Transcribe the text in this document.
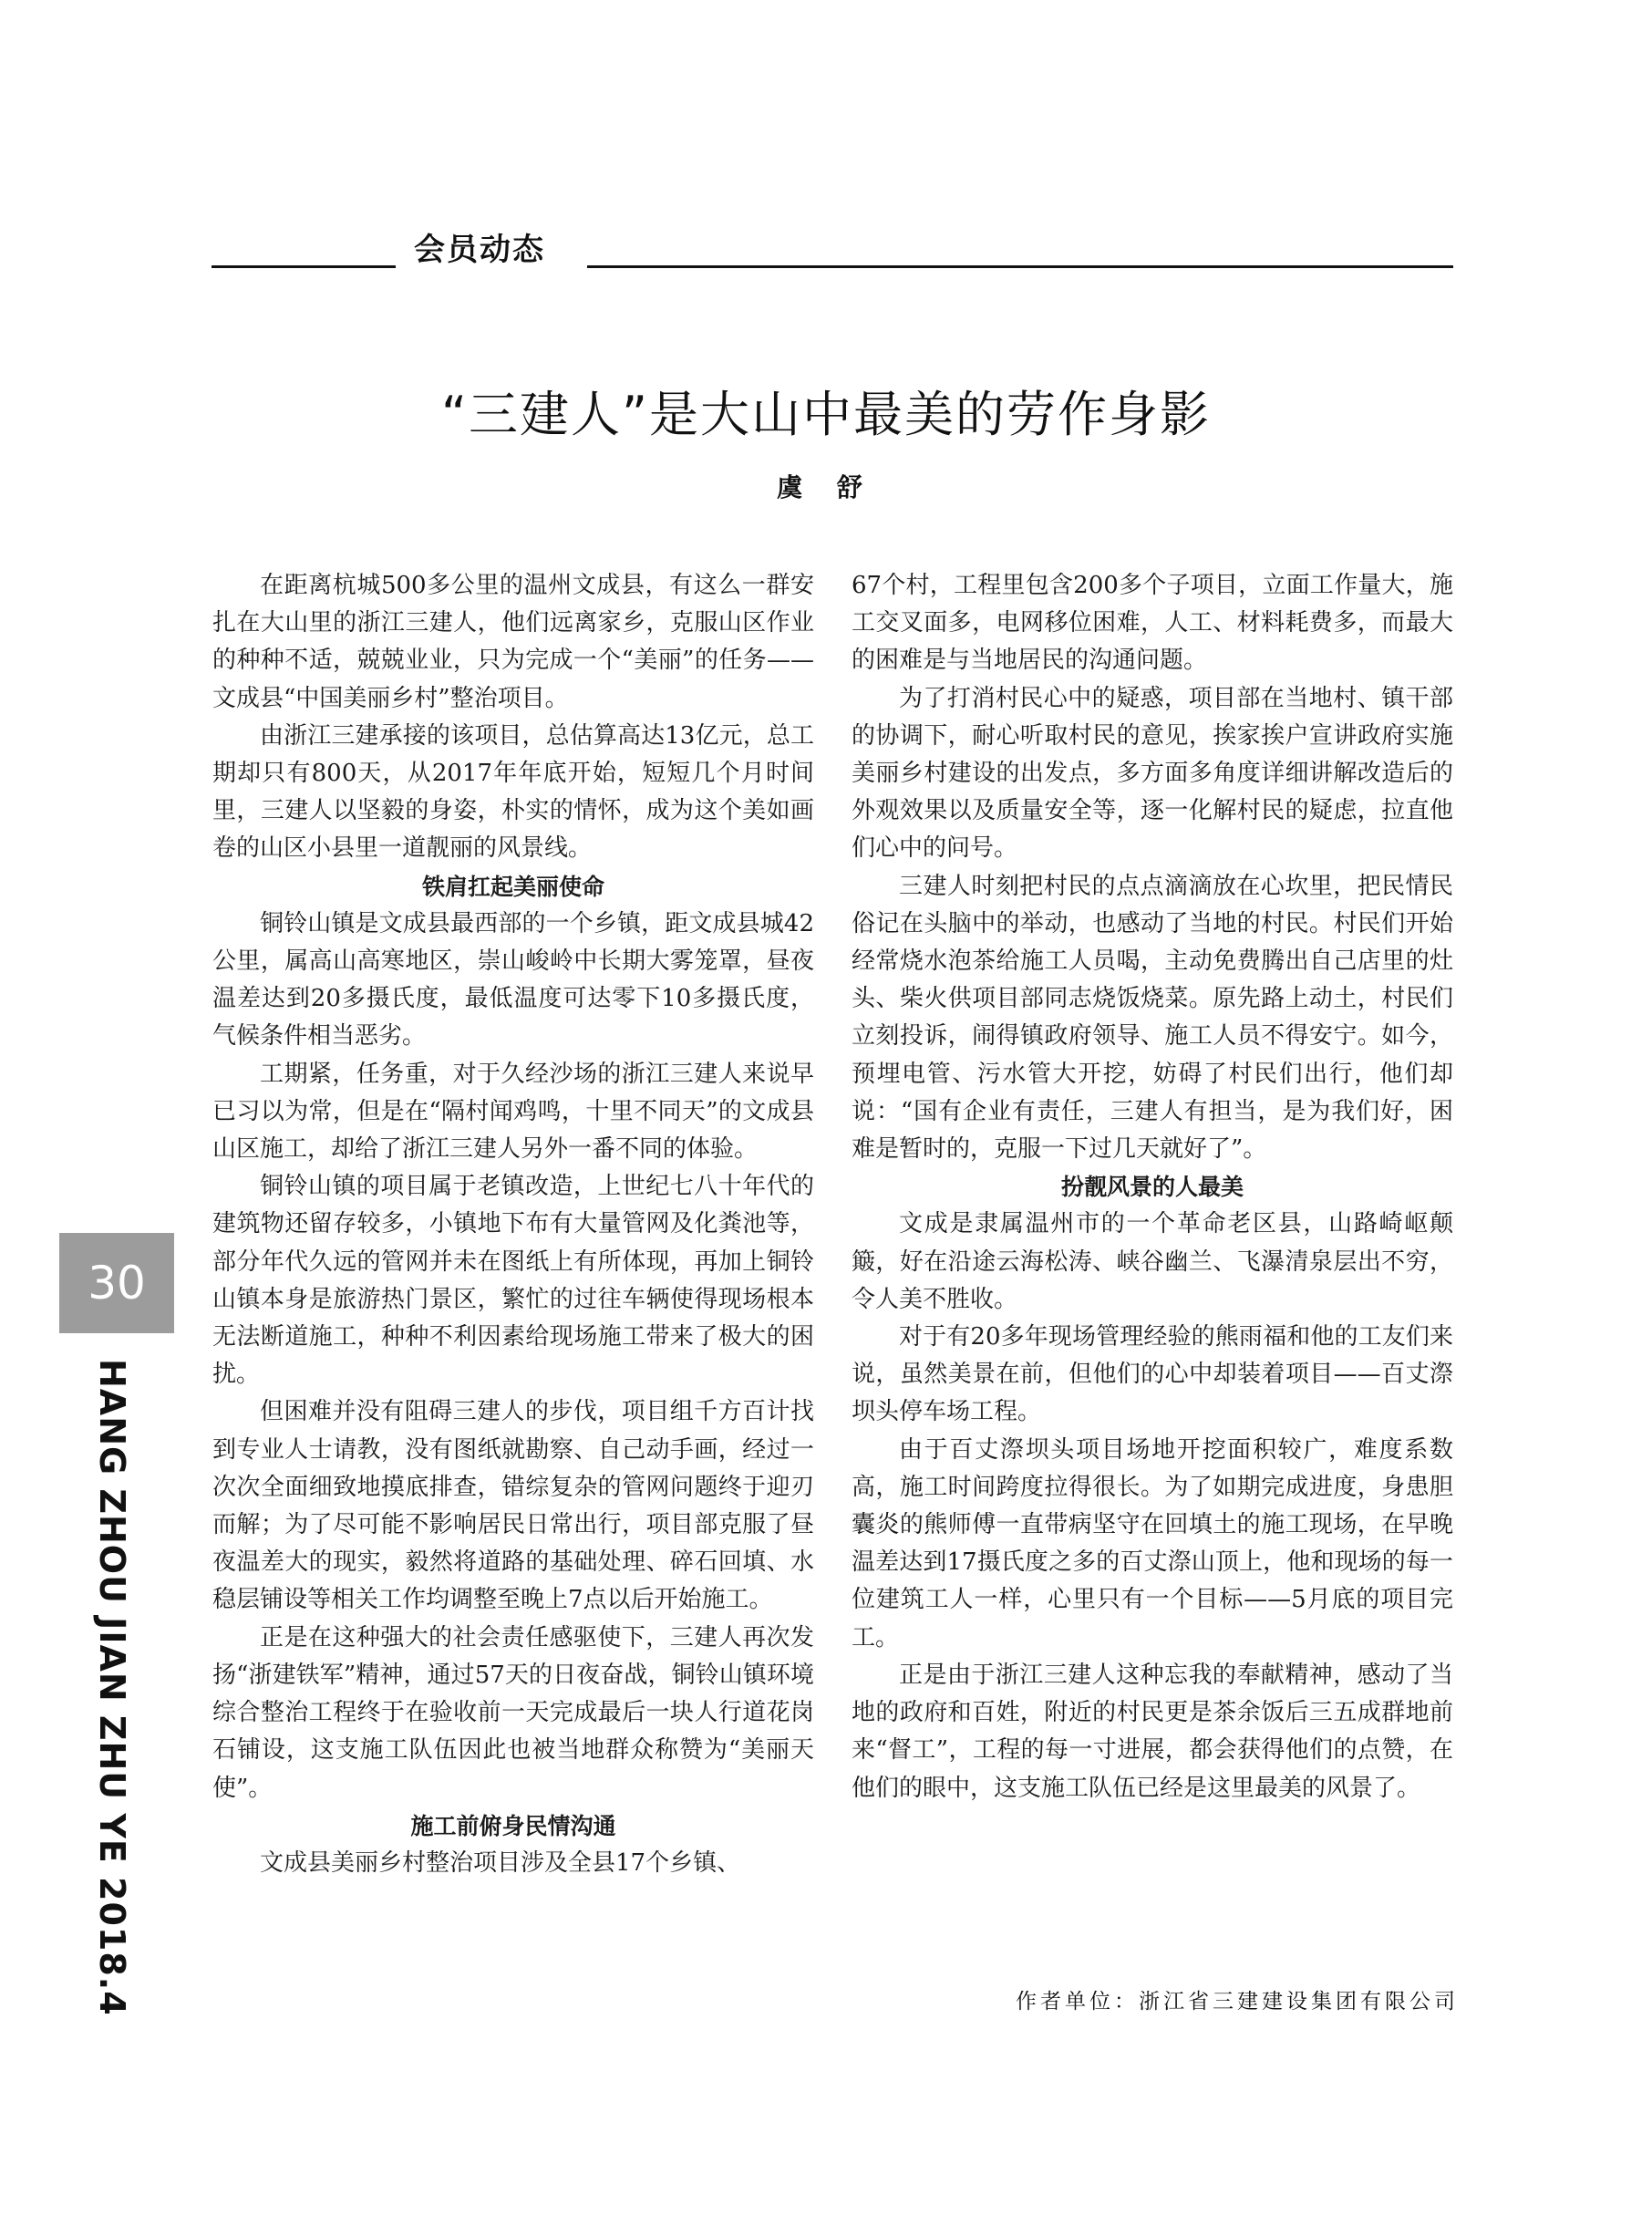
会员动态
“三建人”是大山中最美的劳作身影
虞 舒

在距离杭城500多公里的温州文成县，有这么一群安扎在大山里的浙江三建人，他们远离家乡，克服山区作业的种种不适，兢兢业业，只为完成一个“美丽”的任务——文成县“中国美丽乡村”整治项目。

由浙江三建承接的该项目，总估算高达13亿元，总工期却只有800天，从2017年年底开始，短短几个月时间里，三建人以坚毅的身姿，朴实的情怀，成为这个美如画卷的山区小县里一道靓丽的风景线。

铁肩扛起美丽使命

铜铃山镇是文成县最西部的一个乡镇，距文成县城42公里，属高山高寒地区，崇山峻岭中长期大雾笼罩，昼夜温差达到20多摄氏度，最低温度可达零下10多摄氏度，气候条件相当恶劣。

工期紧，任务重，对于久经沙场的浙江三建人来说早已习以为常，但是在“隔村闻鸡鸣，十里不同天”的文成县山区施工，却给了浙江三建人另外一番不同的体验。

铜铃山镇的项目属于老镇改造，上世纪七八十年代的建筑物还留存较多，小镇地下布有大量管网及化粪池等，部分年代久远的管网并未在图纸上有所体现，再加上铜铃山镇本身是旅游热门景区，繁忙的过往车辆使得现场根本无法断道施工，种种不利因素给现场施工带来了极大的困扰。

但困难并没有阻碍三建人的步伐，项目组千方百计找到专业人士请教，没有图纸就勘察、自己动手画，经过一次次全面细致地摸底排查，错综复杂的管网问题终于迎刃而解；为了尽可能不影响居民日常出行，项目部克服了昼夜温差大的现实，毅然将道路的基础处理、碎石回填、水稳层铺设等相关工作均调整至晚上7点以后开始施工。

正是在这种强大的社会责任感驱使下，三建人再次发扬“浙建铁军”精神，通过57天的日夜奋战，铜铃山镇环境综合整治工程终于在验收前一天完成最后一块人行道花岗石铺设，这支施工队伍因此也被当地群众称赞为“美丽天使”。

施工前俯身民情沟通

文成县美丽乡村整治项目涉及全县17个乡镇、

67个村，工程里包含200多个子项目，立面工作量大，施工交叉面多，电网移位困难，人工、材料耗费多，而最大的困难是与当地居民的沟通问题。

为了打消村民心中的疑惑，项目部在当地村、镇干部的协调下，耐心听取村民的意见，挨家挨户宣讲政府实施美丽乡村建设的出发点，多方面多角度详细讲解改造后的外观效果以及质量安全等，逐一化解村民的疑虑，拉直他们心中的问号。

三建人时刻把村民的点点滴滴放在心坎里，把民情民俗记在头脑中的举动，也感动了当地的村民。村民们开始经常烧水泡茶给施工人员喝，主动免费腾出自己店里的灶头、柴火供项目部同志烧饭烧菜。原先路上动土，村民们立刻投诉，闹得镇政府领导、施工人员不得安宁。如今，预埋电管、污水管大开挖，妨碍了村民们出行，他们却说：“国有企业有责任，三建人有担当，是为我们好，困难是暂时的，克服一下过几天就好了”。

扮靓风景的人最美

文成是隶属温州市的一个革命老区县，山路崎岖颠簸，好在沿途云海松涛、峡谷幽兰、飞瀑清泉层出不穷，令人美不胜收。

对于有20多年现场管理经验的熊雨福和他的工友们来说，虽然美景在前，但他们的心中却装着项目——百丈漈坝头停车场工程。

由于百丈漈坝头项目场地开挖面积较广，难度系数高，施工时间跨度拉得很长。为了如期完成进度，身患胆囊炎的熊师傅一直带病坚守在回填土的施工现场，在早晚温差达到17摄氏度之多的百丈漈山顶上，他和现场的每一位建筑工人一样，心里只有一个目标——5月底的项目完工。

正是由于浙江三建人这种忘我的奉献精神，感动了当地的政府和百姓，附近的村民更是茶余饭后三五成群地前来“督工”，工程的每一寸进展，都会获得他们的点赞，在他们的眼中，这支施工队伍已经是这里最美的风景了。

作者单位：浙江省三建建设集团有限公司
30
HANG ZHOU JIAN ZHU YE 2018.4
